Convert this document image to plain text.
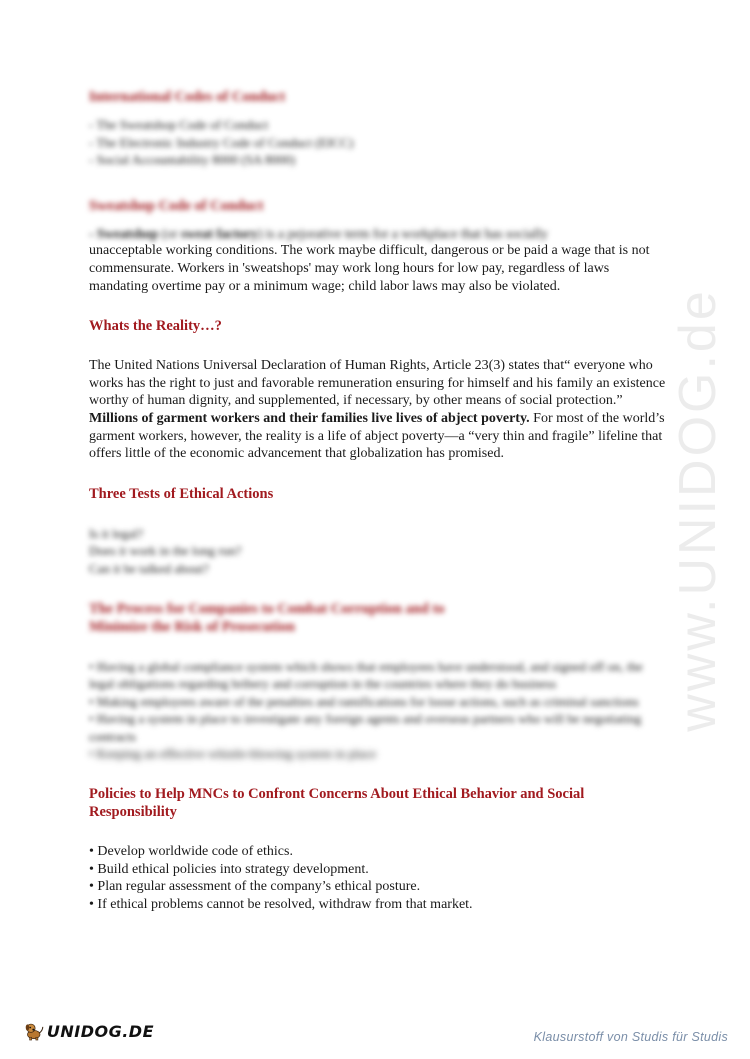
www.UNIDOG.de

International Codes of Conduct

- The Sweatshop Code of Conduct
- The Electronic Industry Code of Conduct (EICC)
- Social Accountability 8000 (SA 8000)

Sweatshop Code of Conduct

- Sweatshop (or sweat factory) is a pejorative term for a workplace that has socially

unacceptable working conditions. The work maybe difficult, dangerous or be paid a wage that is not commensurate. Workers in 'sweatshops' may work long hours for low pay, regardless of laws mandating overtime pay or a minimum wage; child labor laws may also be violated.

Whats the Reality…?

The United Nations Universal Declaration of Human Rights, Article 23(3) states that“ everyone who works has the right to just and favorable remuneration ensuring for himself and his family an existence worthy of human dignity, and supplemented, if necessary, by other means of social protection.” Millions of garment workers and their families live lives of abject poverty. For most of the world’s garment workers, however, the reality is a life of abject poverty—a “very thin and fragile” lifeline that offers little of the economic advancement that globalization has promised.

Three Tests of Ethical Actions

Is it legal?
Does it work in the long run?
Can it be talked about?

The Process for Companies to Combat Corruption and to

Minimize the Risk of Prosecution

• Having a global compliance system which shows that employees have understood, and signed off on, the legal obligations regarding bribery and corruption in the countries where they do business
• Making employees aware of the penalties and ramifications for loose actions, such as criminal sanctions
• Having a system in place to investigate any foreign agents and overseas partners who will be negotiating contracts
• Keeping an effective whistle-blowing system in place

Policies to Help MNCs to Confront Concerns About Ethical Behavior and Social Responsibility

• Develop worldwide code of ethics.
• Build ethical policies into strategy development.
• Plan regular assessment of the company’s ethical posture.
• If ethical problems cannot be resolved, withdraw from that market.
UNIDOG.DE	Klausurstoff von Studis für Studis
